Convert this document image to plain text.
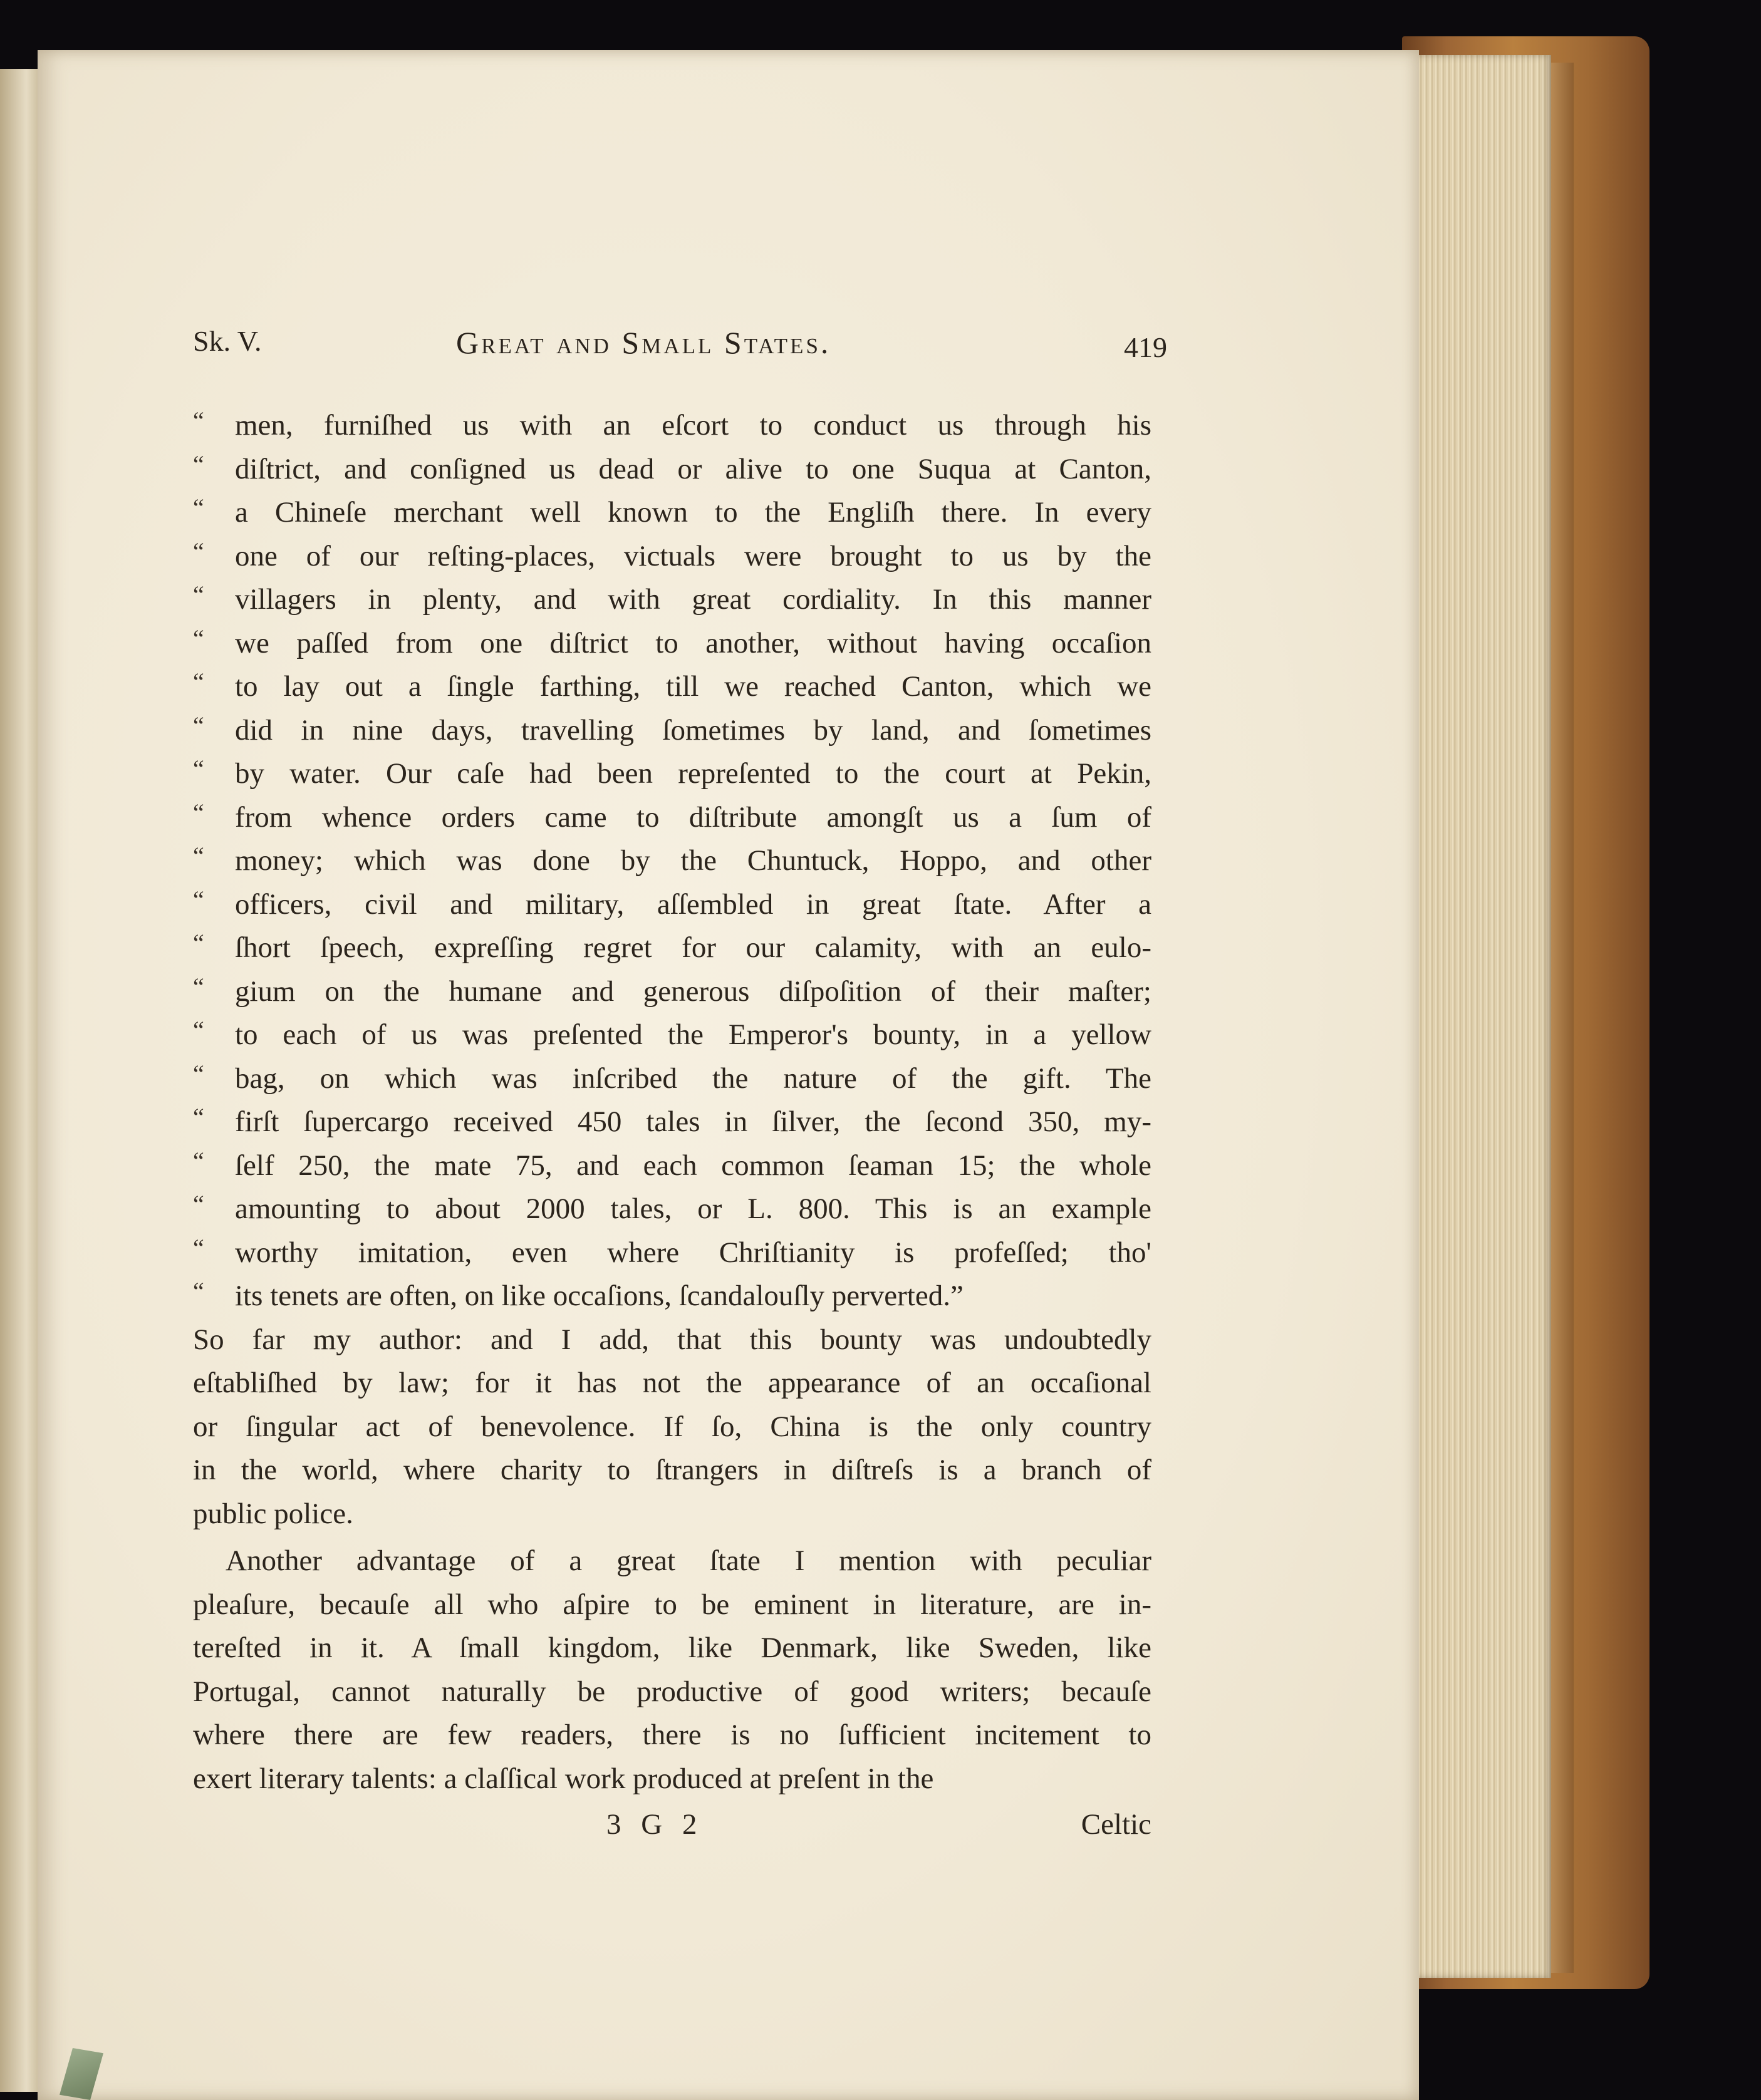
Sk. V.	Great and Small States.	419
“ men, furniſhed us with an eſcort to conduct us through his
“ diſtrict, and conſigned us dead or alive to one Suqua at Canton,
“ a Chineſe merchant well known to the Engliſh there. In every
“ one of our reſting-places, victuals were brought to us by the
“ villagers in plenty, and with great cordiality. In this manner
“ we paſſed from one diſtrict to another, without having occaſion
“ to lay out a ſingle farthing, till we reached Canton, which we
“ did in nine days, travelling ſometimes by land, and ſometimes
“ by water. Our caſe had been repreſented to the court at Pekin,
“ from whence orders came to diſtribute amongſt us a ſum of
“ money; which was done by the Chuntuck, Hoppo, and other
“ officers, civil and military, aſſembled in great ſtate. After a
“ ſhort ſpeech, expreſſing regret for our calamity, with an eulo-
“ gium on the humane and generous diſpoſition of their maſter;
“ to each of us was preſented the Emperor's bounty, in a yellow
“ bag, on which was inſcribed the nature of the gift. The
“ firſt ſupercargo received 450 tales in ſilver, the ſecond 350, my-
“ ſelf 250, the mate 75, and each common ſeaman 15; the whole
“ amounting to about 2000 tales, or L. 800. This is an example
“ worthy imitation, even where Chriſtianity is profeſſed; tho'
“ its tenets are often, on like occaſions, ſcandalouſly perverted.”
So far my author: and I add, that this bounty was undoubtedly
eſtabliſhed by law; for it has not the appearance of an occaſional
or ſingular act of benevolence. If ſo, China is the only country
in the world, where charity to ſtrangers in diſtreſs is a branch of
public police.
Another advantage of a great ſtate I mention with peculiar
pleaſure, becauſe all who aſpire to be eminent in literature, are in-
tereſted in it. A ſmall kingdom, like Denmark, like Sweden, like
Portugal, cannot naturally be productive of good writers; becauſe
where there are few readers, there is no ſufficient incitement to
exert literary talents: a claſſical work produced at preſent in the
3 G 2	Celtic
